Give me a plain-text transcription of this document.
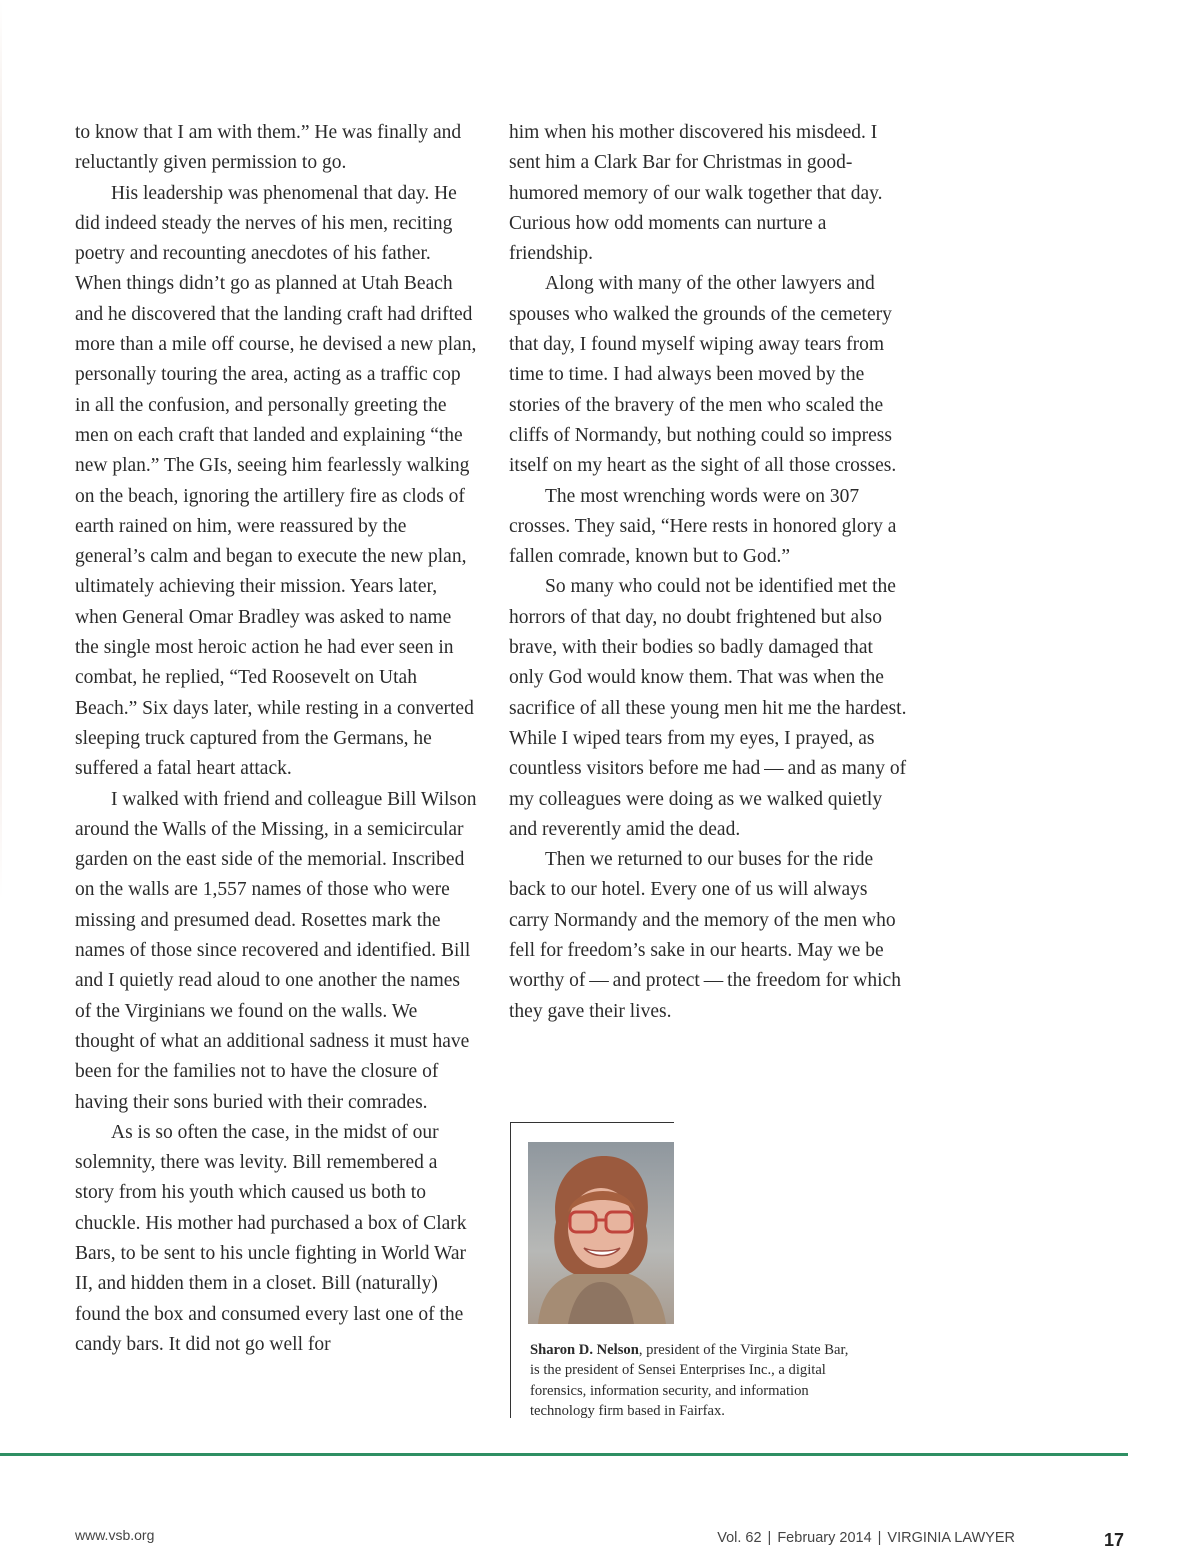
to know that I am with them.” He was finally and reluctantly given permission to go.

His leadership was phenomenal that day. He did indeed steady the nerves of his men, reciting poetry and recounting anecdotes of his father. When things didn’t go as planned at Utah Beach and he discovered that the landing craft had drifted more than a mile off course, he devised a new plan, personally touring the area, acting as a traffic cop in all the confusion, and personally greeting the men on each craft that landed and explaining “the new plan.” The GIs, seeing him fearlessly walking on the beach, ignoring the artillery fire as clods of earth rained on him, were reassured by the general’s calm and began to execute the new plan, ultimately achieving their mission. Years later, when General Omar Bradley was asked to name the single most heroic action he had ever seen in combat, he replied, “Ted Roosevelt on Utah Beach.” Six days later, while resting in a converted sleeping truck captured from the Germans, he suffered a fatal heart attack.

I walked with friend and colleague Bill Wilson around the Walls of the Missing, in a semicircular garden on the east side of the memorial. Inscribed on the walls are 1,557 names of those who were missing and presumed dead. Rosettes mark the names of those since recovered and identified. Bill and I quietly read aloud to one another the names of the Virginians we found on the walls. We thought of what an additional sadness it must have been for the families not to have the closure of having their sons buried with their comrades.

As is so often the case, in the midst of our solemnity, there was levity. Bill remembered a story from his youth which caused us both to chuckle. His mother had purchased a box of Clark Bars, to be sent to his uncle fighting in World War II, and hidden them in a closet. Bill (naturally) found the box and consumed every last one of the candy bars. It did not go well for

him when his mother discovered his misdeed. I sent him a Clark Bar for Christmas in good-humored memory of our walk together that day. Curious how odd moments can nurture a friendship.

Along with many of the other lawyers and spouses who walked the grounds of the cemetery that day, I found myself wiping away tears from time to time. I had always been moved by the stories of the bravery of the men who scaled the cliffs of Normandy, but nothing could so impress itself on my heart as the sight of all those crosses.

The most wrenching words were on 307 crosses. They said, “Here rests in honored glory a fallen comrade, known but to God.”

So many who could not be identified met the horrors of that day, no doubt frightened but also brave, with their bodies so badly damaged that only God would know them. That was when the sacrifice of all these young men hit me the hardest. While I wiped tears from my eyes, I prayed, as countless visitors before me had — and as many of my colleagues were doing as we walked quietly and reverently amid the dead.

Then we returned to our buses for the ride back to our hotel. Every one of us will always carry Normandy and the memory of the men who fell for freedom’s sake in our hearts. May we be worthy of — and protect — the freedom for which they gave their lives.

Sharon D. Nelson, president of the Virginia State Bar, is the president of Sensei Enterprises Inc., a digital forensics, information security, and information technology firm based in Fairfax.
www.vsb.org	Vol. 62 | February 2014 | VIRGINIA LAWYER	17
